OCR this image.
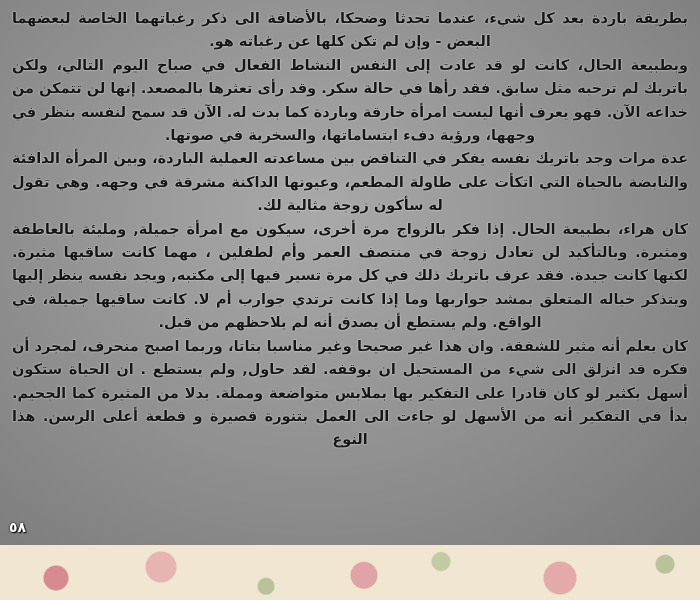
بطريقة باردة بعد كل شيء، عندما تحدثا وضحكا، بالأضافة الى ذكر رغباتهما الخاصة لبعضهما البعض - وإن لم تكن كلها عن رغباته هو.

وبطبيعة الحال، كانت لو قد عادت إلى النفس النشاط الفعال في صباح اليوم التالي، ولكن باتريك لم ترحبه مثل سابق. فقد رأها في حالة سكر. وقد رأى تعثرها بالمصعد. إنها لن تتمكن من خداعه الآن. فهو يعرف أنها ليست امرأة خارقة وباردة كما بدت له. الآن قد سمح لنفسه بنظر في وجهها، ورؤية دفء ابتساماتها، والسخرية في صوتها.

عدة مرات وجد باتريك نفسه يفكر في التناقض بين مساعدته العملية الباردة، وبين المرأة الدافئة والنابضة بالحياة التي اتكأت على طاولة المطعم، وعيونها الداكنة مشرقة في وجهه. وهي تقول له سأكون زوجة مثالية لك.

كان هراء، بطبيعة الحال. إذا فكر بالزواج مرة أخرى، سيكون مع امرأة جميلة, ومليئة بالعاطفة ومثيرة. وبالتأكيد لن تعادل زوجة في منتصف العمر وأم لطفلين ، مهما كانت ساقيها مثيرة. لكنها كانت جيدة. فقد عرف باتريك ذلك في كل مرة تسير فيها إلى مكتبه, ويجد نفسه ينظر إليها ويتذكر خياله المتعلق بمشد جواربها وما إذا كانت ترتدي جوارب أم لا. كانت ساقيها جميلة، في الواقع. ولم يستطع أن يصدق أنه لم يلاحظهم من قبل.

كان يعلم أنه مثير للشفقة. وان هذا غير صحيحا وغير مناسبا بتاتا، وربما اصبح منحرف، لمجرد أن فكره قد انزلق الى شيء من المستحيل ان يوقفه. لقد حاول, ولم يستطع . ان الحياة ستكون أسهل بكثير لو كان قادرا على التفكير بها بملابس متواضعة ومملة. بدلا من المثيرة كما الجحيم. بدأ في التفكير أنه من الأسهل لو جاءت الى العمل بتنورة قصيرة و قطعة أعلى الرسن. هذا النوع

٥٨
